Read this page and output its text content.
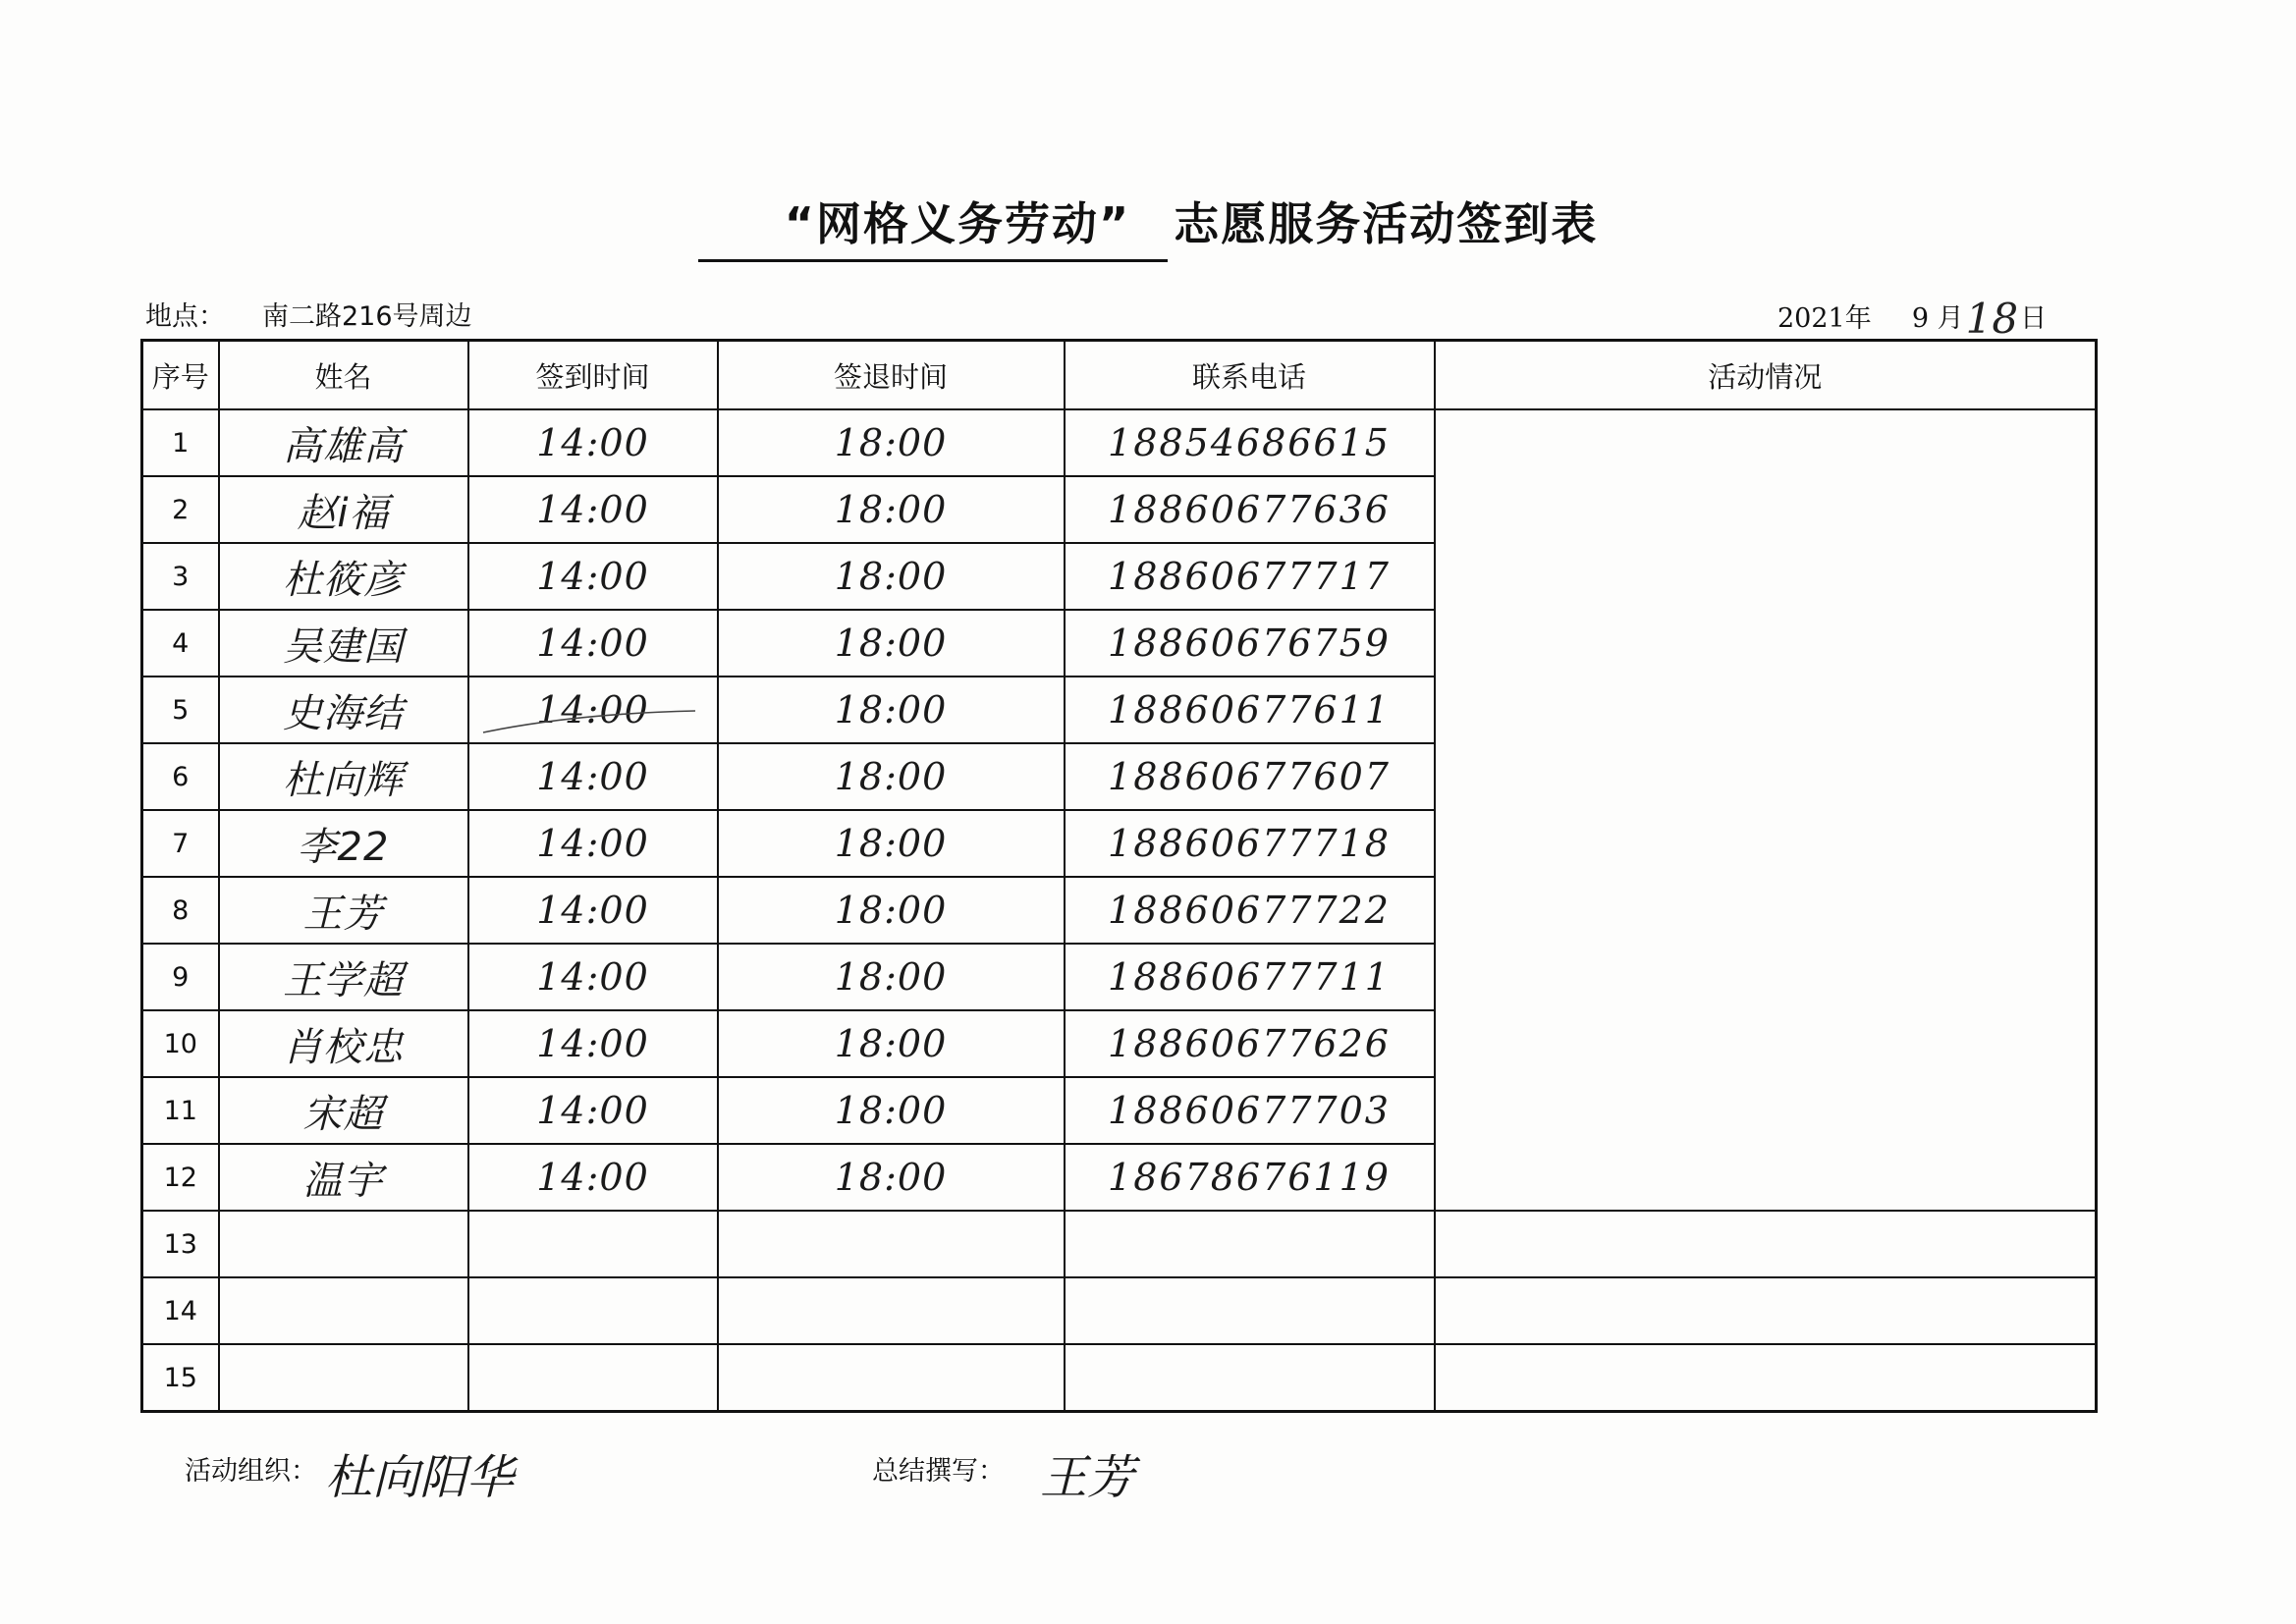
“网格义务劳动” 志愿服务活动签到表
地点： 南二路216号周边	2021年 9 月18日
序号	姓名	签到时间	签退时间	联系电话	活动情况
1	高雄高	14:00	18:00	18854686615	
2	赵i福	14:00	18:00	18860677636	
3	杜筱彦	14:00	18:00	18860677717	
4	吴建国	14:00	18:00	18860676759	
5	史海结	14:00	18:00	18860677611	
6	杜向辉	14:00	18:00	18860677607	
7	李22	14:00	18:00	18860677718	
8	王芳	14:00	18:00	18860677722	
9	王学超	14:00	18:00	18860677711	
10	肖校忠	14:00	18:00	18860677626	
11	宋超	14:00	18:00	18860677703	
12	温宇	14:00	18:00	18678676119	
13					
14					
15					
活动组织： 杜向阳华	总结撰写： 王芳
